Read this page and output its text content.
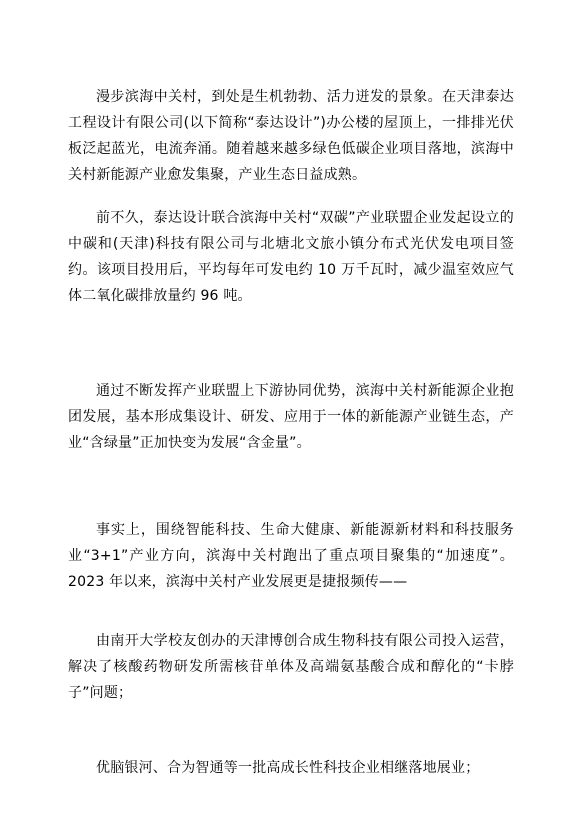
漫步滨海中关村，到处是生机勃勃、活力迸发的景象。在天津泰达工程设计有限公司(以下简称“泰达设计”)办公楼的屋顶上，一排排光伏板泛起蓝光，电流奔涌。随着越来越多绿色低碳企业项目落地，滨海中关村新能源产业愈发集聚，产业生态日益成熟。

前不久，泰达设计联合滨海中关村“双碳”产业联盟企业发起设立的中碳和(天津)科技有限公司与北塘北文旅小镇分布式光伏发电项目签约。该项目投用后，平均每年可发电约 10 万千瓦时，减少温室效应气体二氧化碳排放量约 96 吨。

通过不断发挥产业联盟上下游协同优势，滨海中关村新能源企业抱团发展，基本形成集设计、研发、应用于一体的新能源产业链生态，产业“含绿量”正加快变为发展“含金量”。

事实上，围绕智能科技、生命大健康、新能源新材料和科技服务业“3+1”产业方向，滨海中关村跑出了重点项目聚集的“加速度”。2023 年以来，滨海中关村产业发展更是捷报频传——

由南开大学校友创办的天津博创合成生物科技有限公司投入运营，解决了核酸药物研发所需核苷单体及高端氨基酸合成和醇化的“卡脖子”问题；

优脑银河、合为智通等一批高成长性科技企业相继落地展业；
